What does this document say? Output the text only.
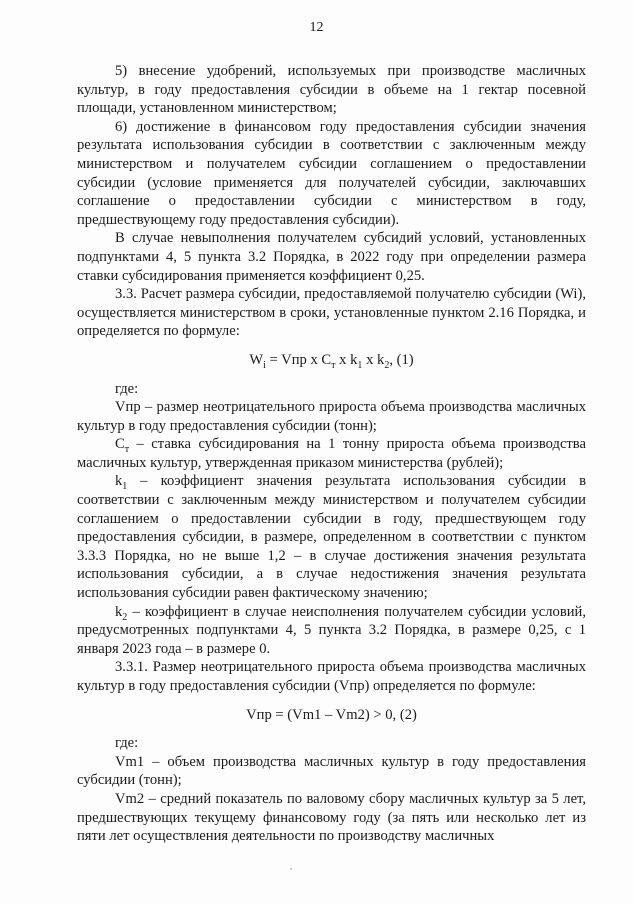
12

5) внесение удобрений, используемых при производстве масличных культур, в году предоставления субсидии в объеме на 1 гектар посевной площади, установленном министерством;

6) достижение в финансовом году предоставления субсидии значения результата использования субсидии в соответствии с заключенным между министерством и получателем субсидии соглашением о предоставлении субсидии (условие применяется для получателей субсидии, заключавших соглашение о предоставлении субсидии с министерством в году, предшествующему году предоставления субсидии).

В случае невыполнения получателем субсидий условий, установленных подпунктами 4, 5 пункта 3.2 Порядка, в 2022 году при определении размера ставки субсидирования применяется коэффициент 0,25.

3.3. Расчет размера субсидии, предоставляемой получателю субсидии (Wi), осуществляется министерством в сроки, установленные пунктом 2.16 Порядка, и определяется по формуле:

$W_i$ = Vпр x $С_т$ x $k_1$ x $k_2$, (1)

где:

Vпр – размер неотрицательного прироста объема производства масличных культур в году предоставления субсидии (тонн);

$С_т$ – ставка субсидирования на 1 тонну прироста объема производства масличных культур, утвержденная приказом министерства (рублей);

$k_1$ – коэффициент значения результата использования субсидии в соответствии с заключенным между министерством и получателем субсидии соглашением о предоставлении субсидии в году, предшествующем году предоставления субсидии, в размере, определенном в соответствии с пунктом 3.3.3 Порядка, но не выше 1,2 – в случае достижения значения результата использования субсидии, а в случае недостижения значения результата использования субсидии равен фактическому значению;

$k_2$ – коэффициент в случае неисполнения получателем субсидии условий, предусмотренных подпунктами 4, 5 пункта 3.2 Порядка, в размере 0,25, с 1 января 2023 года – в размере 0.

3.3.1. Размер неотрицательного прироста объема производства масличных культур в году предоставления субсидии (Vпр) определяется по формуле:

Vпр = (Vm1 – Vm2) > 0, (2)

где:

Vm1 – объем производства масличных культур в году предоставления субсидии (тонн);

Vm2 – средний показатель по валовому сбору масличных культур за 5 лет, предшествующих текущему финансовому году (за пять или несколько лет из пяти лет осуществления деятельности по производству масличных
